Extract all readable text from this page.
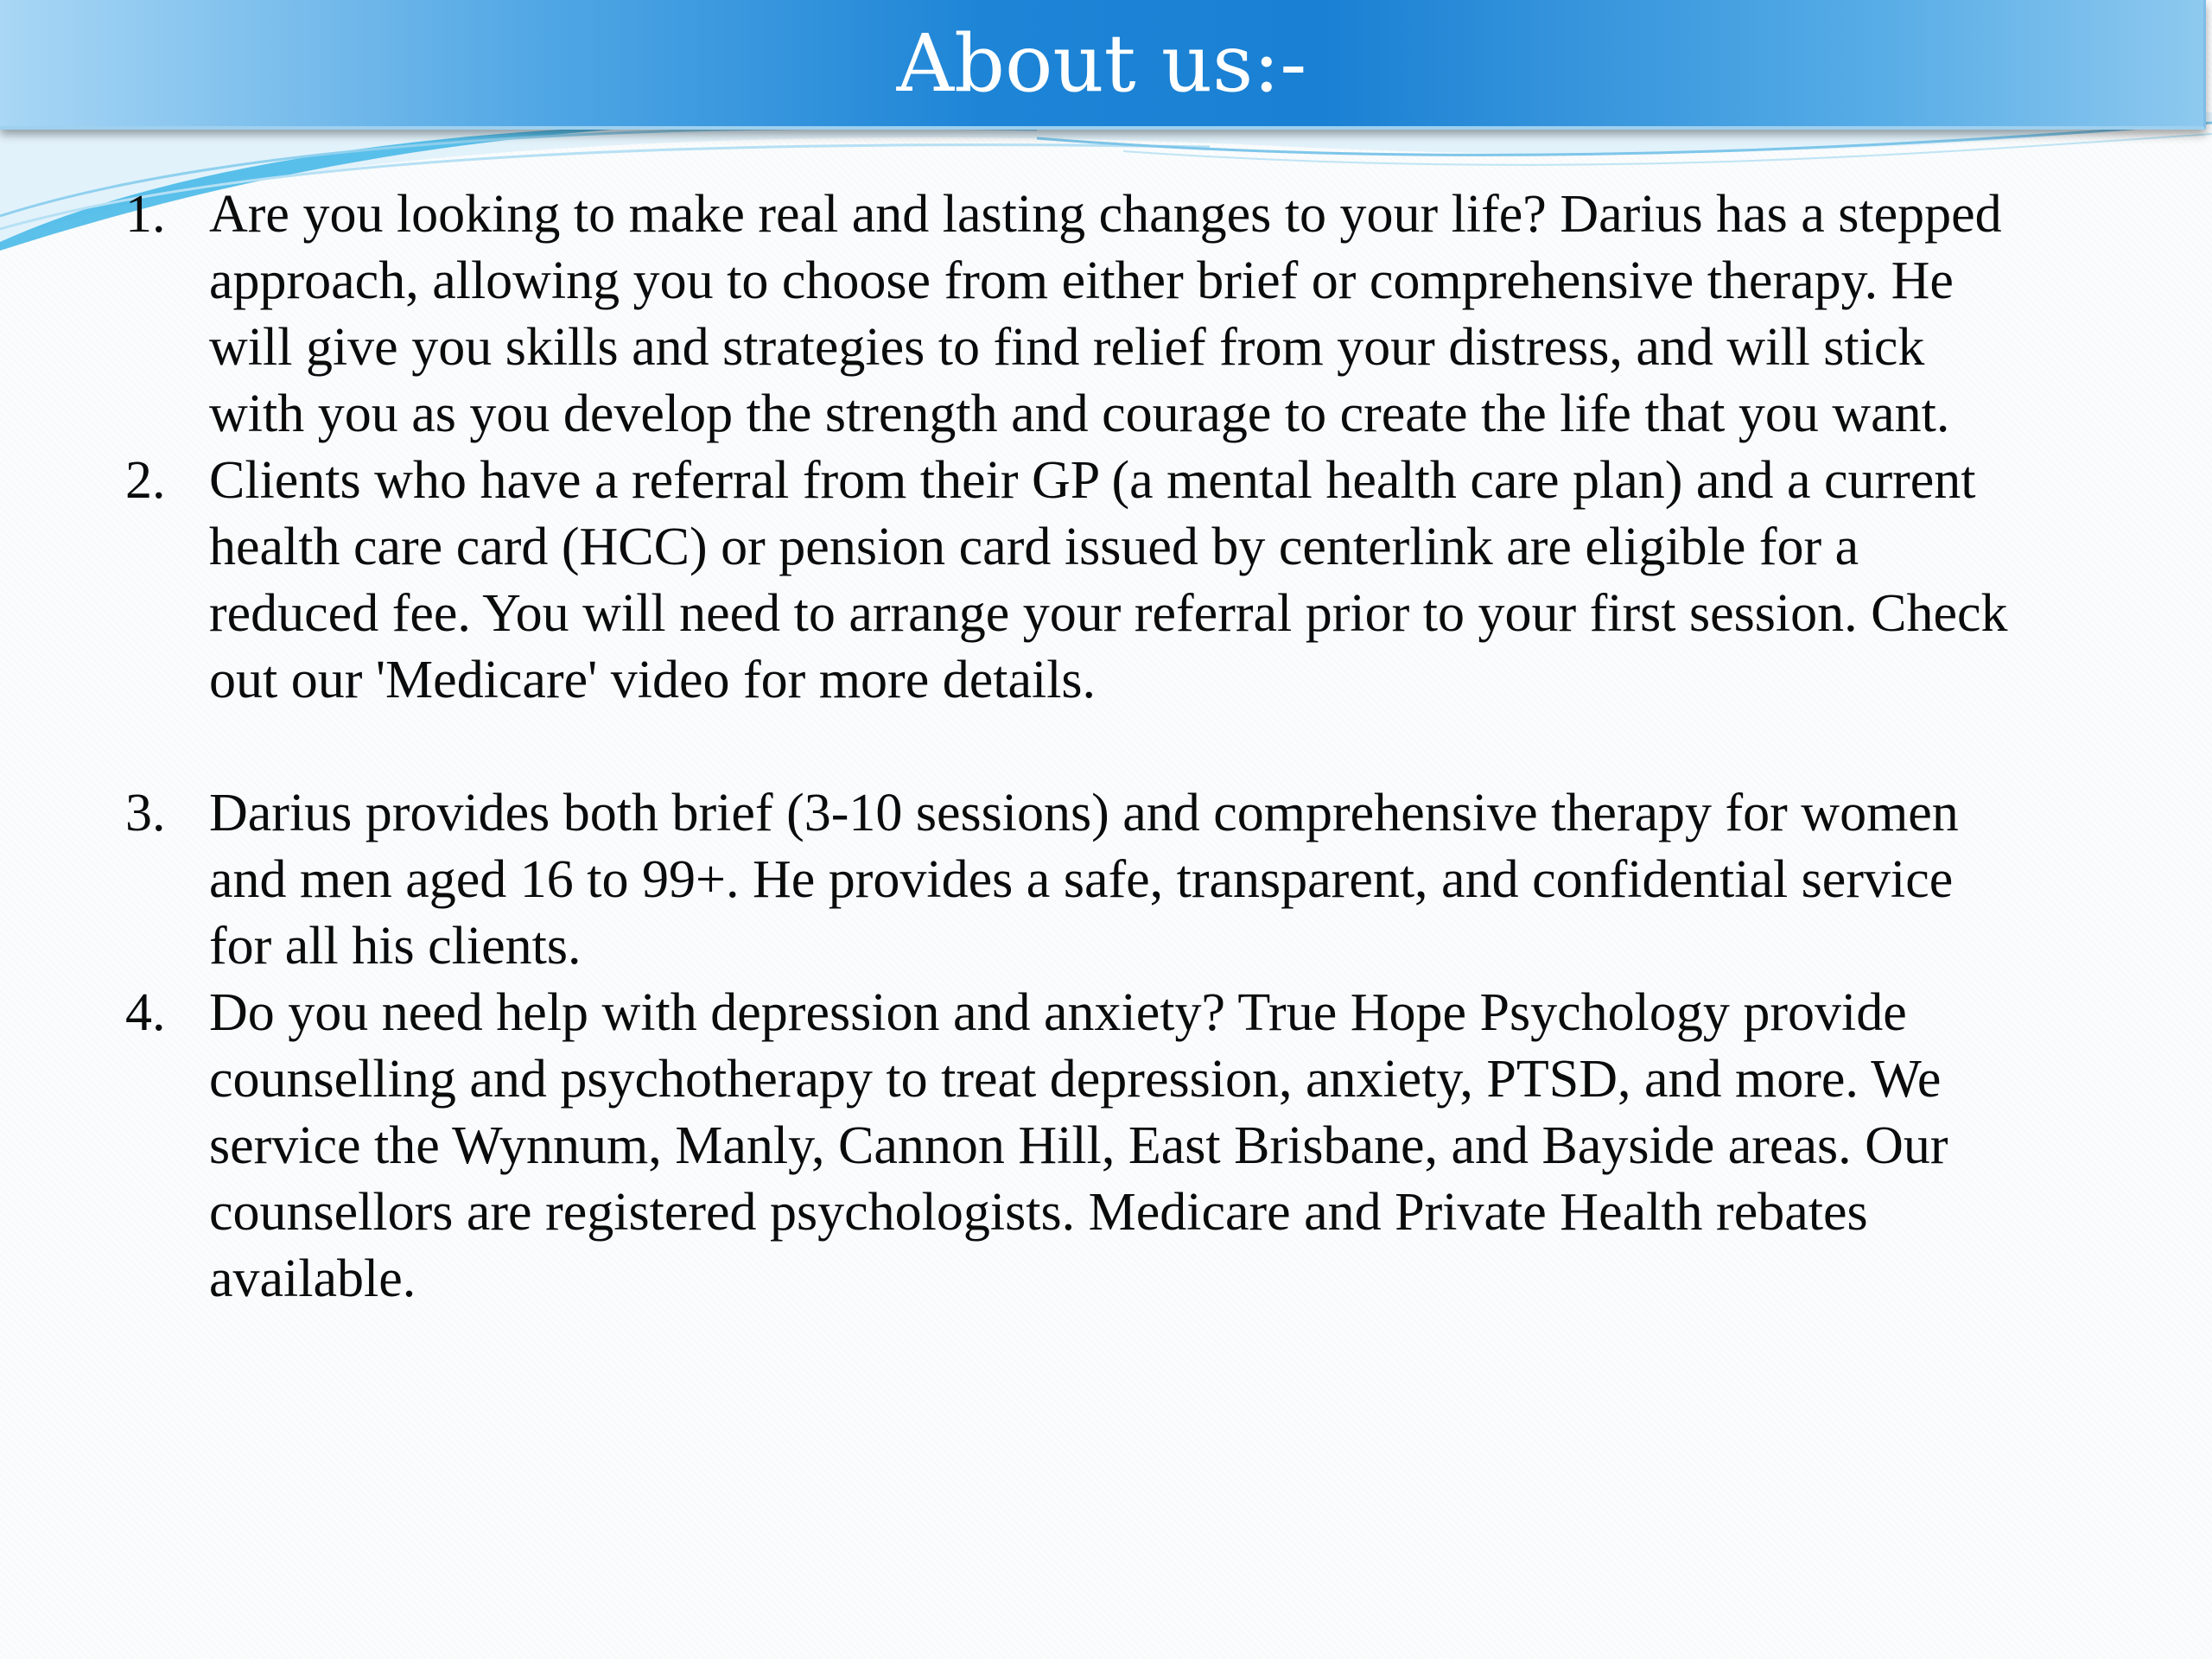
About us:-
1. Are you looking to make real and lasting changes to your life? Darius has a stepped approach, allowing you to choose from either brief or comprehensive therapy. He will give you skills and strategies to find relief from your distress, and will stick with you as you develop the strength and courage to create the life that you want.
2. Clients who have a referral from their GP (a mental health care plan) and a current health care card (HCC) or pension card issued by centerlink are eligible for a reduced fee. You will need to arrange your referral prior to your first session. Check out our 'Medicare' video for more details.
3. Darius provides both brief (3-10 sessions) and comprehensive therapy for women and men aged 16 to 99+. He provides a safe, transparent, and confidential service for all his clients.
4. Do you need help with depression and anxiety? True Hope Psychology provide counselling and psychotherapy to treat depression, anxiety, PTSD, and more. We service the Wynnum, Manly, Cannon Hill, East Brisbane, and Bayside areas. Our counsellors are registered psychologists. Medicare and Private Health rebates available.
